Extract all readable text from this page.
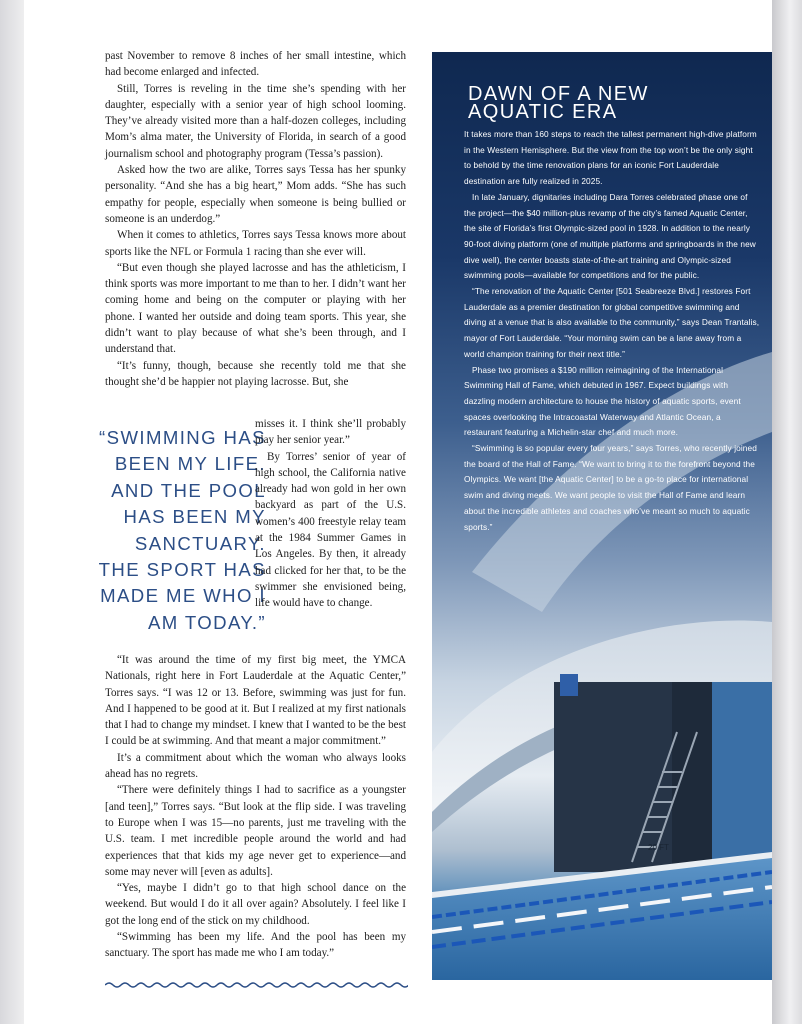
past November to remove 8 inches of her small intestine, which had become enlarged and infected.

Still, Torres is reveling in the time she’s spending with her daughter, especially with a senior year of high school looming. They’ve already visited more than a half-dozen colleges, including Mom’s alma mater, the University of Florida, in search of a good journalism school and photography program (Tessa’s passion).

Asked how the two are alike, Torres says Tessa has her spunky personality. “And she has a big heart,” Mom adds. “She has such empathy for people, especially when someone is being bullied or someone is an underdog.”

When it comes to athletics, Torres says Tessa knows more about sports like the NFL or Formula 1 racing than she ever will.

“But even though she played lacrosse and has the athleticism, I think sports was more important to me than to her. I didn’t want her coming home and being on the computer or playing with her phone. I wanted her outside and doing team sports. This year, she didn’t want to play because of what she’s been through, and I understand that.

“It’s funny, though, because she recently told me that she thought she’d be happier not playing lacrosse. But, she

“SWIMMING HAS
BEEN MY LIFE.
AND THE POOL
HAS BEEN MY
SANCTUARY.
THE SPORT HAS
MADE ME WHO I
AM TODAY.”

misses it. I think she’ll probably play her senior year.”

By Torres’ senior of year of high school, the California native already had won gold in her own backyard as part of the U.S. women’s 400 freestyle relay team at the 1984 Summer Games in Los Angeles. By then, it already had clicked for her that, to be the swimmer she envisioned being, life would have to change.

“It was around the time of my first big meet, the YMCA Nationals, right here in Fort Lauderdale at the Aquatic Center,” Torres says. “I was 12 or 13. Before, swimming was just for fun. And I happened to be good at it. But I realized at my first nationals that I had to change my mindset. I knew that I wanted to be the best I could be at swimming. And that meant a major commitment.”

It’s a commitment about which the woman who always looks ahead has no regrets.

“There were definitely things I had to sacrifice as a youngster [and teen],” Torres says. “But look at the flip side. I was traveling to Europe when I was 15—no parents, just me traveling with the U.S. team. I met incredible people around the world and had experiences that that kids my age never get to experience—and some may never will [even as adults].

“Yes, maybe I didn’t go to that high school dance on the weekend. But would I do it all over again? Absolutely. I feel like I got the long end of the stick on my childhood.

“Swimming has been my life. And the pool has been my sanctuary. The sport has made me who I am today.”

20 FT
DAWN OF A NEW
AQUATIC ERA

It takes more than 160 steps to reach the tallest permanent high-dive platform in the Western Hemisphere. But the view from the top won’t be the only sight to behold by the time renovation plans for an iconic Fort Lauderdale destination are fully realized in 2025.

In late January, dignitaries including Dara Torres celebrated phase one of the project—the $40 million-plus revamp of the city’s famed Aquatic Center, the site of Florida’s first Olympic-sized pool in 1928. In addition to the nearly 90-foot diving platform (one of multiple platforms and springboards in the new dive well), the center boasts state-of-the-art training and Olympic-sized swimming pools—available for competitions and for the public.

“The renovation of the Aquatic Center [501 Seabreeze Blvd.] restores Fort Lauderdale as a premier destination for global competitive swimming and diving at a venue that is also available to the community,” says Dean Trantalis, mayor of Fort Lauderdale. “Your morning swim can be a lane away from a world champion training for their next title.”

Phase two promises a $190 million reimagining of the International Swimming Hall of Fame, which debuted in 1967. Expect buildings with dazzling modern architecture to house the history of aquatic sports, event spaces overlooking the Intracoastal Waterway and Atlantic Ocean, a restaurant featuring a Michelin-star chef and much more.

“Swimming is so popular every four years,” says Torres, who recently joined the board of the Hall of Fame. “We want to bring it to the forefront beyond the Olympics. We want [the Aquatic Center] to be a go-to place for international swim and diving meets. We want people to visit the Hall of Fame and learn about the incredible athletes and coaches who’ve meant so much to aquatic sports.”
